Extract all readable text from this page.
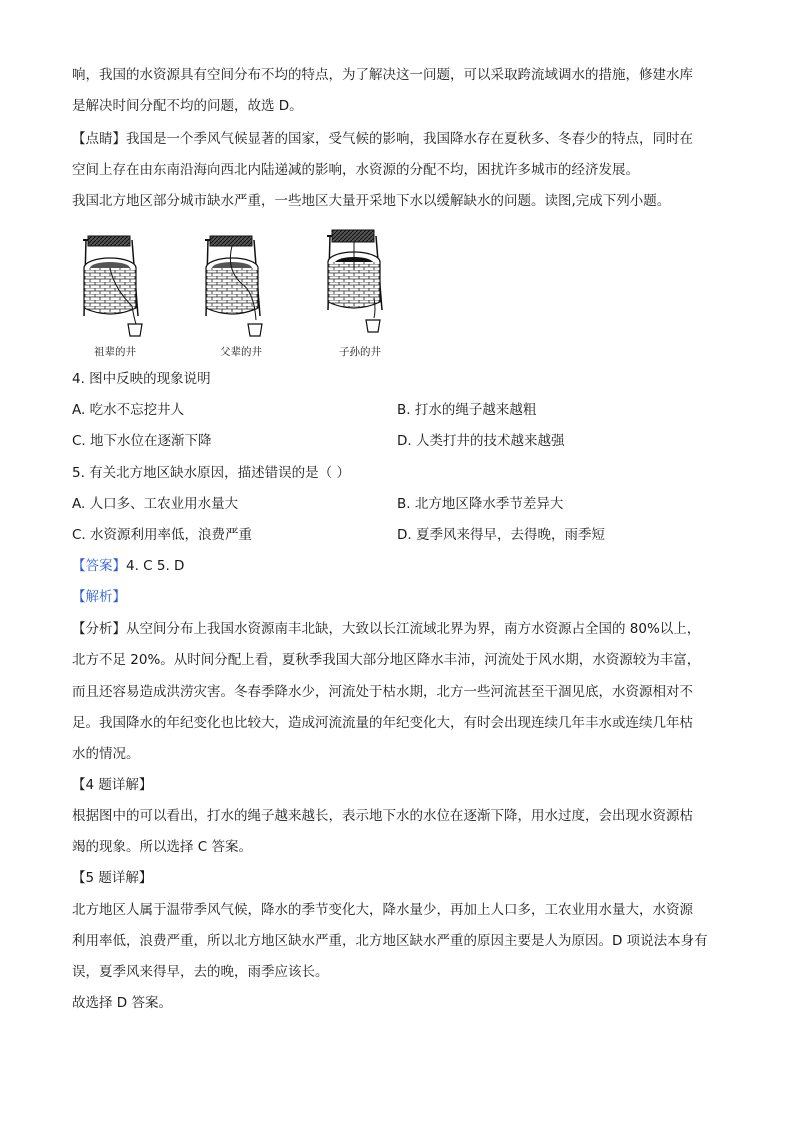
响，我国的水资源具有空间分布不均的特点，为了解决这一问题，可以采取跨流域调水的措施，修建水库
是解决时间分配不均的问题，故选 D。
【点睛】我国是一个季风气候显著的国家，受气候的影响，我国降水存在夏秋多、冬春少的特点，同时在
空间上存在由东南沿海向西北内陆递减的影响，水资源的分配不均，困扰许多城市的经济发展。
我国北方地区部分城市缺水严重，一些地区大量开采地下水以缓解缺水的问题。读图,完成下列小题。
祖辈的井	父辈的井	子孙的井
4. 图中反映的现象说明
A. 吃水不忘挖井人	B. 打水的绳子越来越粗
C. 地下水位在逐渐下降	D. 人类打井的技术越来越强
5. 有关北方地区缺水原因，描述错误的是（ ）
A. 人口多、工农业用水量大	B. 北方地区降水季节差异大
C. 水资源利用率低，浪费严重	D. 夏季风来得早，去得晚，雨季短
【答案】4. C 5. D
【解析】
【分析】从空间分布上我国水资源南丰北缺，大致以长江流域北界为界，南方水资源占全国的 80%以上，
北方不足 20%。从时间分配上看，夏秋季我国大部分地区降水丰沛，河流处于风水期，水资源较为丰富，
而且还容易造成洪涝灾害。冬春季降水少，河流处于枯水期，北方一些河流甚至干涸见底，水资源相对不
足。我国降水的年纪变化也比较大，造成河流流量的年纪变化大，有时会出现连续几年丰水或连续几年枯
水的情况。
【4 题详解】
根据图中的可以看出，打水的绳子越来越长，表示地下水的水位在逐渐下降，用水过度，会出现水资源枯
竭的现象。所以选择 C 答案。
【5 题详解】
北方地区人属于温带季风气候，降水的季节变化大，降水量少，再加上人口多，工农业用水量大，水资源
利用率低，浪费严重，所以北方地区缺水严重，北方地区缺水严重的原因主要是人为原因。D 项说法本身有
误，夏季风来得早，去的晚，雨季应该长。
故选择 D 答案。
